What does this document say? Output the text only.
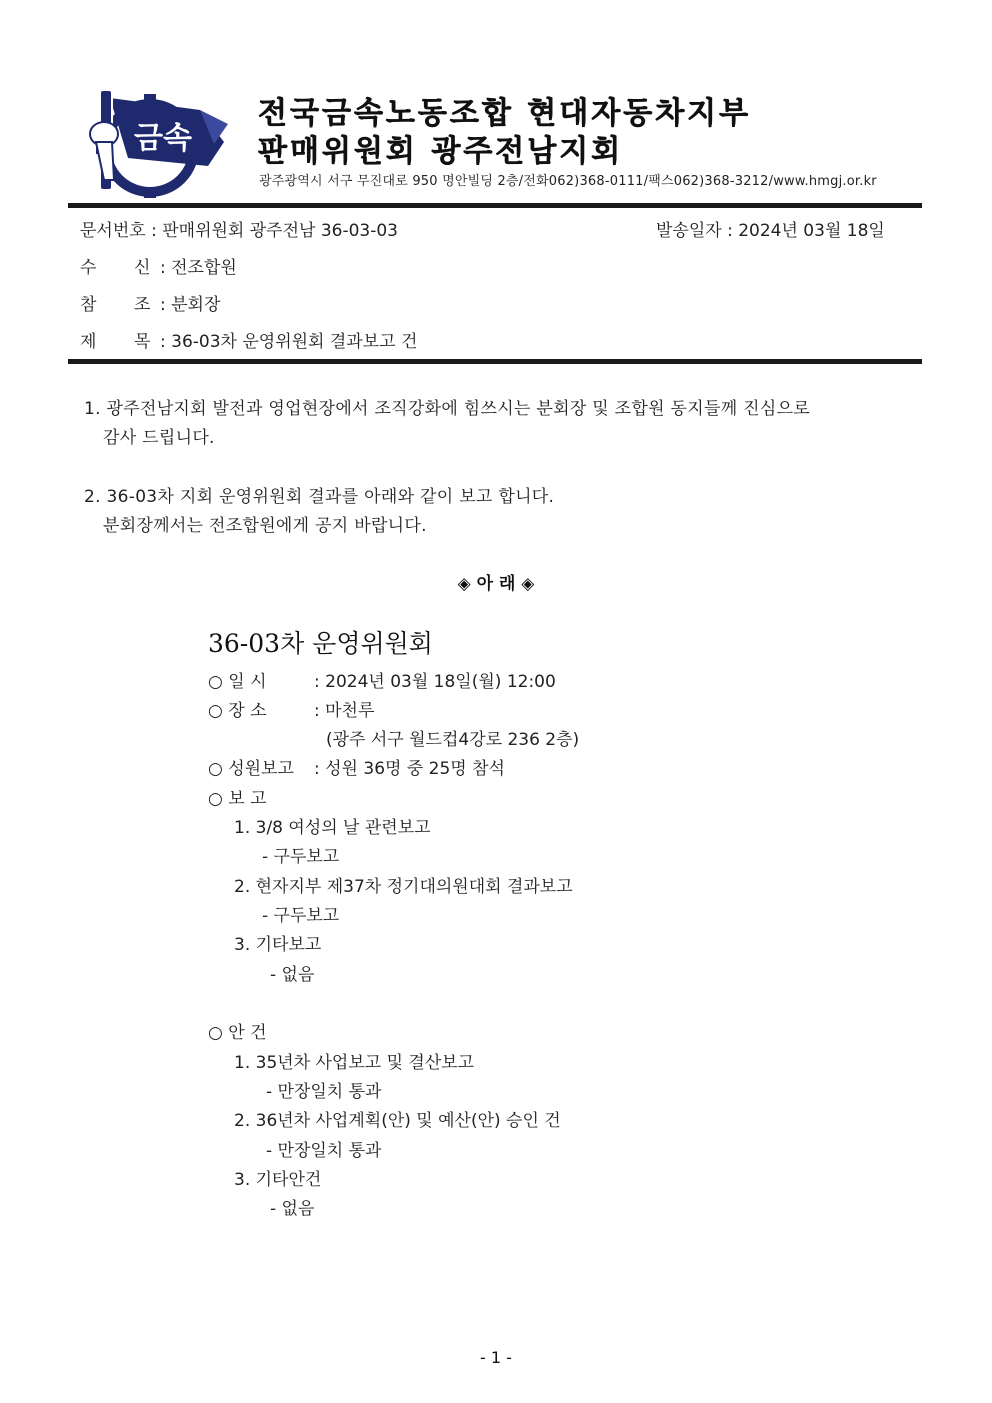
금속
전국금속노동조합 현대자동차지부
판매위원회 광주전남지회
광주광역시 서구 무진대로 950 명안빌딩 2층/전화062)368-0111/팩스062)368-3212/www.hmgj.or.kr
문서번호 : 판매위원회 광주전남 36-03-03	발송일자 : 2024년 03월 18일
수 신 : 전조합원
참 조 : 분회장
제 목 : 36-03차 운영위원회 결과보고 건
1. 광주전남지회 발전과 영업현장에서 조직강화에 힘쓰시는 분회장 및 조합원 동지들께 진심으로
감사 드립니다.
2. 36-03차 지회 운영위원회 결과를 아래와 같이 보고 합니다.
분회장께서는 전조합원에게 공지 바랍니다.
◈ 아 래 ◈
36-03차 운영위원회
○ 일 시	: 2024년 03월 18일(월) 12:00
○ 장 소	: 마천루
(광주 서구 월드컵4강로 236 2층)
○ 성원보고 : 성원 36명 중 25명 참석
○ 보 고
1. 3/8 여성의 날 관련보고
- 구두보고
2. 현자지부 제37차 정기대의원대회 결과보고
- 구두보고
3. 기타보고
- 없음
○ 안 건
1. 35년차 사업보고 및 결산보고
- 만장일치 통과
2. 36년차 사업계획(안) 및 예산(안) 승인 건
- 만장일치 통과
3. 기타안건
- 없음
- 1 -
